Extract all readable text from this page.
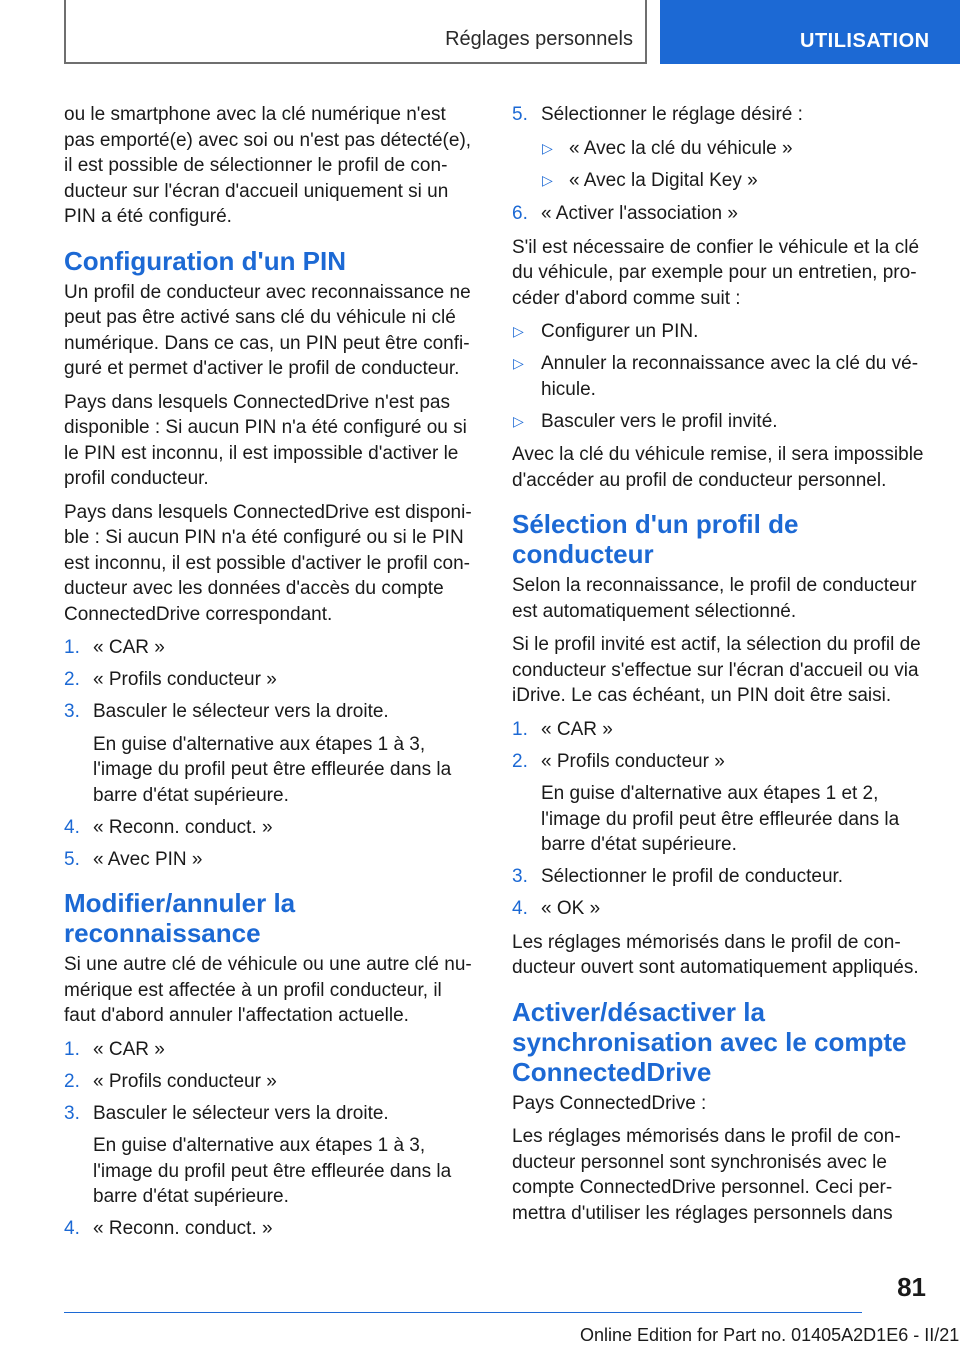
Réglages personnels	UTILISATION

ou le smartphone avec la clé numérique n'est pas emporté(e) avec soi ou n'est pas détecté(e), il est possible de sélectionner le profil de conducteur sur l'écran d'accueil uniquement si un PIN a été configuré.

Configuration d'un PIN

Un profil de conducteur avec reconnaissance ne peut pas être activé sans clé du véhicule ni clé numérique. Dans ce cas, un PIN peut être configuré et permet d'activer le profil de conducteur.

Pays dans lesquels ConnectedDrive n'est pas disponible : Si aucun PIN n'a été configuré ou si le PIN est inconnu, il est impossible d'activer le profil conducteur.

Pays dans lesquels ConnectedDrive est disponible : Si aucun PIN n'a été configuré ou si le PIN est inconnu, il est possible d'activer le profil conducteur avec les données d'accès du compte ConnectedDrive correspondant.

1. « CAR »
2. « Profils conducteur »
3. Basculer le sélecteur vers la droite.
En guise d'alternative aux étapes 1 à 3, l'image du profil peut être effleurée dans la barre d'état supérieure.
4. « Reconn. conduct. »
5. « Avec PIN »
Modifier/annuler la reconnaissance

Si une autre clé de véhicule ou une autre clé numérique est affectée à un profil conducteur, il faut d'abord annuler l'affectation actuelle.

1. « CAR »
2. « Profils conducteur »
3. Basculer le sélecteur vers la droite.
En guise d'alternative aux étapes 1 à 3, l'image du profil peut être effleurée dans la barre d'état supérieure.
4. « Reconn. conduct. »
5. Sélectionner le réglage désiré :
▷ « Avec la clé du véhicule »
▷ « Avec la Digital Key »
6. « Activer l'association »

S'il est nécessaire de confier le véhicule et la clé du véhicule, par exemple pour un entretien, procéder d'abord comme suit :

▷ Configurer un PIN.
▷ Annuler la reconnaissance avec la clé du véhicule.
▷ Basculer vers le profil invité.

Avec la clé du véhicule remise, il sera impossible d'accéder au profil de conducteur personnel.

Sélection d'un profil de conducteur

Selon la reconnaissance, le profil de conducteur est automatiquement sélectionné.

Si le profil invité est actif, la sélection du profil de conducteur s'effectue sur l'écran d'accueil ou via iDrive. Le cas échéant, un PIN doit être saisi.

1. « CAR »
2. « Profils conducteur »
En guise d'alternative aux étapes 1 et 2, l'image du profil peut être effleurée dans la barre d'état supérieure.
3. Sélectionner le profil de conducteur.
4. « OK »

Les réglages mémorisés dans le profil de conducteur ouvert sont automatiquement appliqués.

Activer/désactiver la synchronisation avec le compte ConnectedDrive

Pays ConnectedDrive :

Les réglages mémorisés dans le profil de conducteur personnel sont synchronisés avec le compte ConnectedDrive personnel. Ceci permettra d'utiliser les réglages personnels dans

81
Online Edition for Part no. 01405A2D1E6 - II/21
